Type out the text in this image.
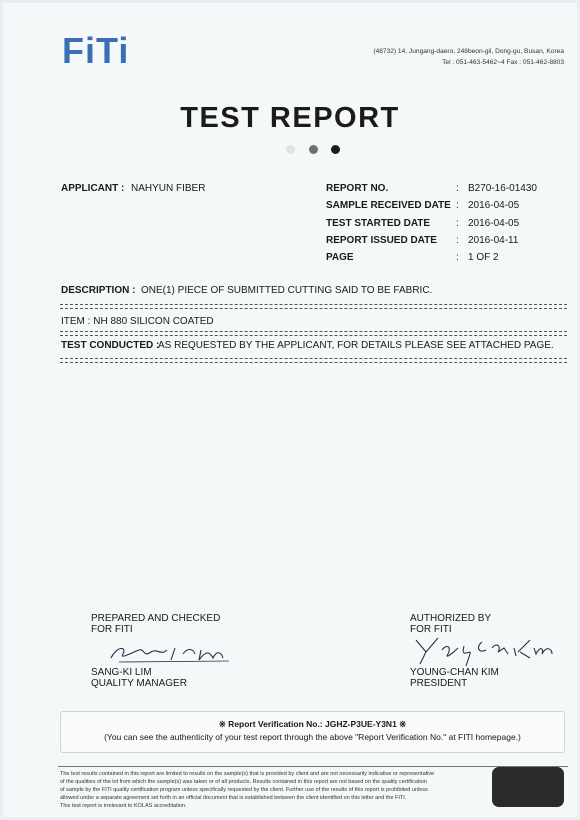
FiTi	(48732) 14, Jungang-daero, 248beon-gil, Dong-gu, Busan, Korea
Tel : 051-463-5462~4 Fax : 051-462-8803
TEST REPORT
APPLICANT : NAHYUN FIBER	REPORT NO.	: B270-16-01430
SAMPLE RECEIVED DATE : 2016-04-05
TEST STARTED DATE	: 2016-04-05
REPORT ISSUED DATE : 2016-04-11
PAGE	: 1 OF 2
DESCRIPTION : ONE(1) PIECE OF SUBMITTED CUTTING SAID TO BE FABRIC.
ITEM : NH 880 SILICON COATED
TEST CONDUCTED :
AS REQUESTED BY THE APPLICANT, FOR DETAILS PLEASE SEE ATTACHED PAGE.
PREPARED AND CHECKED
FOR FITI
SANG-KI LIM
QUALITY MANAGER
AUTHORIZED BY
FOR FITI
YOUNG-CHAN KIM
PRESIDENT
※ Report Verification No.: JGHZ-P3UE-Y3N1 ※
(You can see the authenticity of your test report through the above "Report Verification No." at FITI homepage.)
The test results contained in this report are limited to results on the sample(s) that is provided by client and are not necessarily indicative or representative
of the qualities of the lot from which the sample(s) was taken or of all products. Results contained in this report are not based on the quality certification
of sample by the FITI quality certification program unless specifically requested by the client. Further use of the results of this report is prohibited unless
allowed under a separate agreement set forth in an official document that is established between the client identified on this letter and the FITI.
This test report is irrelevant to KOLAS accreditation.
